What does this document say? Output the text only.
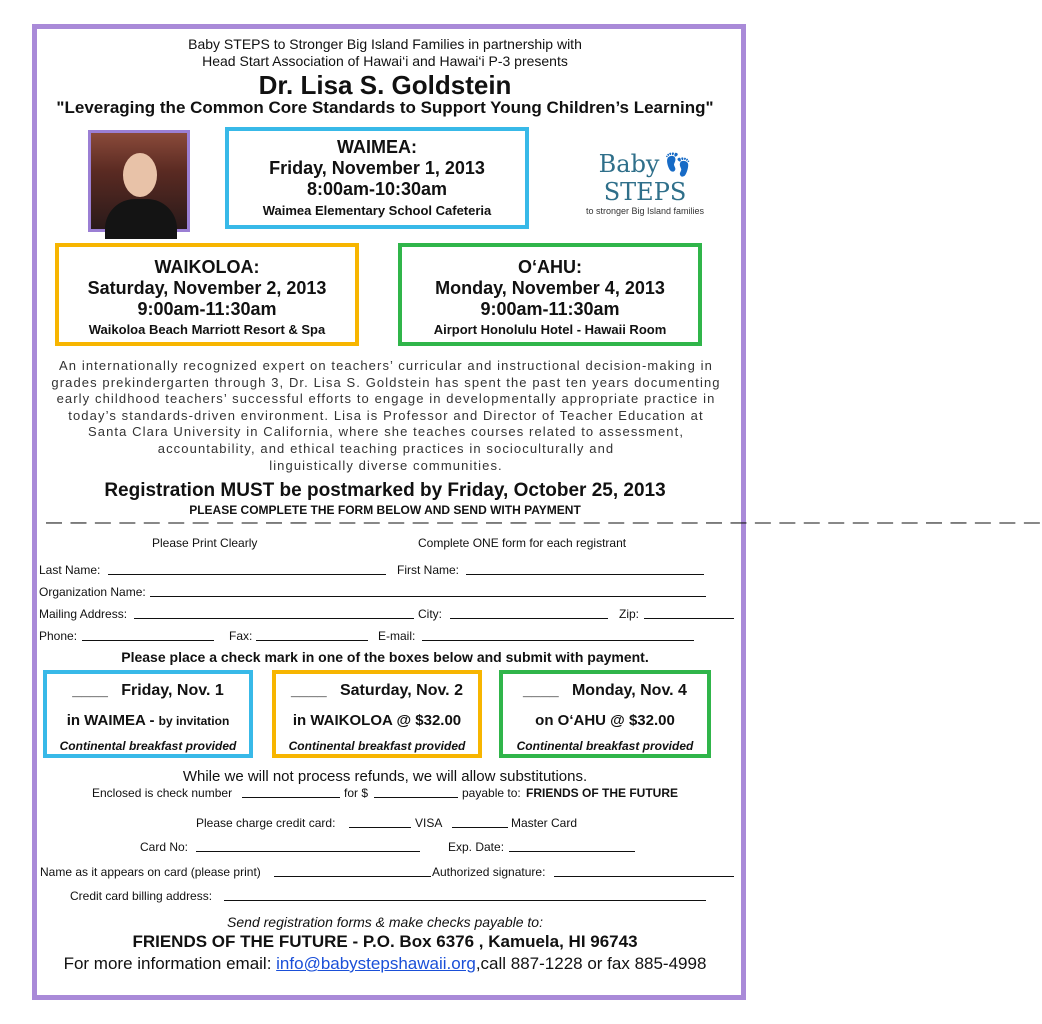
Baby STEPS to Stronger Big Island Families in partnership with
Head Start Association of Hawai‘i and Hawai‘i P-3 presents
Dr. Lisa S. Goldstein
"Leveraging the Common Core Standards to Support Young Children’s Learning"
WAIMEA:
Friday, November 1, 2013
8:00am-10:30am
Waimea Elementary School Cafeteria
Baby 👣 STEPS
to stronger Big Island families
WAIKOLOA:
Saturday, November 2, 2013
9:00am-11:30am
Waikoloa Beach Marriott Resort & Spa
O‘AHU:
Monday, November 4, 2013
9:00am-11:30am
Airport Honolulu Hotel - Hawaii Room
An internationally recognized expert on teachers’ curricular and instructional decision-making in
grades prekindergarten through 3, Dr. Lisa S. Goldstein has spent the past ten years documenting
early childhood teachers’ successful efforts to engage in developmentally appropriate practice in
today’s standards-driven environment. Lisa is Professor and Director of Teacher Education at
Santa Clara University in California, where she teaches courses related to assessment,
accountability, and ethical teaching practices in socioculturally and
linguistically diverse communities.
Registration MUST be postmarked by Friday, October 25, 2013
PLEASE COMPLETE THE FORM BELOW AND SEND WITH PAYMENT
— — — — — — — — — — — — — — — — — — — — — — — — — — — — — — — — — — — — — — — — —
Please Print Clearly	Complete ONE form for each registrant
Last Name:	First Name:
Organization Name:
Mailing Address:	City:	Zip:
Phone:	Fax:	E-mail:
Please place a check mark in one of the boxes below and submit with payment.
____ Friday, Nov. 1
in WAIMEA - by invitation
Continental breakfast provided
____ Saturday, Nov. 2
in WAIKOLOA @ $32.00
Continental breakfast provided
____ Monday, Nov. 4
on O‘AHU @ $32.00
Continental breakfast provided
While we will not process refunds, we will allow substitutions.
Enclosed is check number	for $	payable to: FRIENDS OF THE FUTURE
Please charge credit card:	VISA	Master Card
Card No:	Exp. Date:
Name as it appears on card (please print)	Authorized signature:
Credit card billing address:
Send registration forms & make checks payable to:
FRIENDS OF THE FUTURE - P.O. Box 6376 , Kamuela, HI 96743
For more information email: info@babystepshawaii.org,call 887-1228 or fax 885-4998
